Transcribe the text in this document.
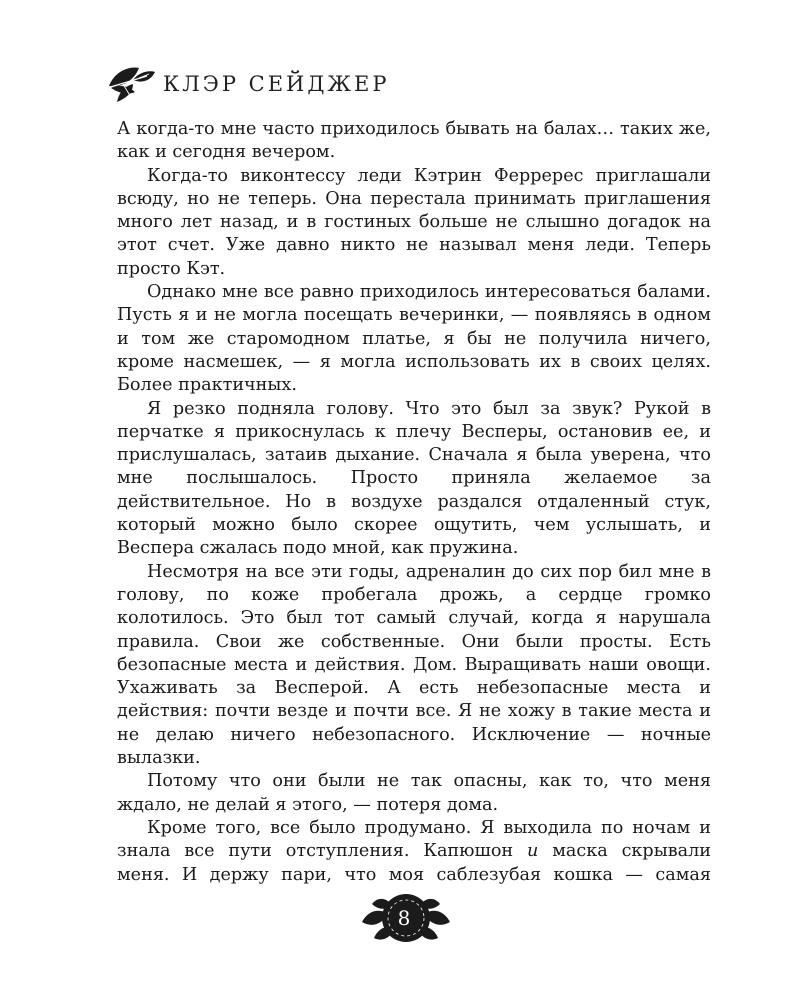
КЛЭР СЕЙДЖЕР

А когда-то мне часто приходилось бывать на балах… таких же, как и сегодня вечером.

Когда-то виконтессу леди Кэтрин Ферререс приглашали всюду, но не теперь. Она перестала принимать приглашения много лет назад, и в гостиных больше не слышно догадок на этот счет. Уже давно никто не называл меня леди. Теперь просто Кэт.

Однако мне все равно приходилось интересоваться балами. Пусть я и не могла посещать вечеринки, — появляясь в одном и том же старомодном платье, я бы не получила ничего, кроме насмешек, — я могла использовать их в своих целях. Более практичных.

Я резко подняла голову. Что это был за звук? Рукой в перчатке я прикоснулась к плечу Весперы, остановив ее, и прислушалась, затаив дыхание. Сначала я была уверена, что мне послышалось. Просто приняла желаемое за действительное. Но в воздухе раздался отдаленный стук, который можно было скорее ощутить, чем услышать, и Веспера сжалась подо мной, как пружина.

Несмотря на все эти годы, адреналин до сих пор бил мне в голову, по коже пробегала дрожь, а сердце громко колотилось. Это был тот самый случай, когда я нарушала правила. Свои же собственные. Они были просты. Есть безопасные места и действия. Дом. Выращивать наши овощи. Ухаживать за Весперой. А есть небезопасные места и действия: почти везде и почти все. Я не хожу в такие места и не делаю ничего небезопасного. Исключение — ночные вылазки.

Потому что они были не так опасны, как то, что меня ждало, не делай я этого, — потеря дома.

Кроме того, все было продумано. Я выходила по ночам и знала все пути отступления. Капюшон и маска скрывали меня. И держу пари, что моя саблезубая кошка — самая

8
